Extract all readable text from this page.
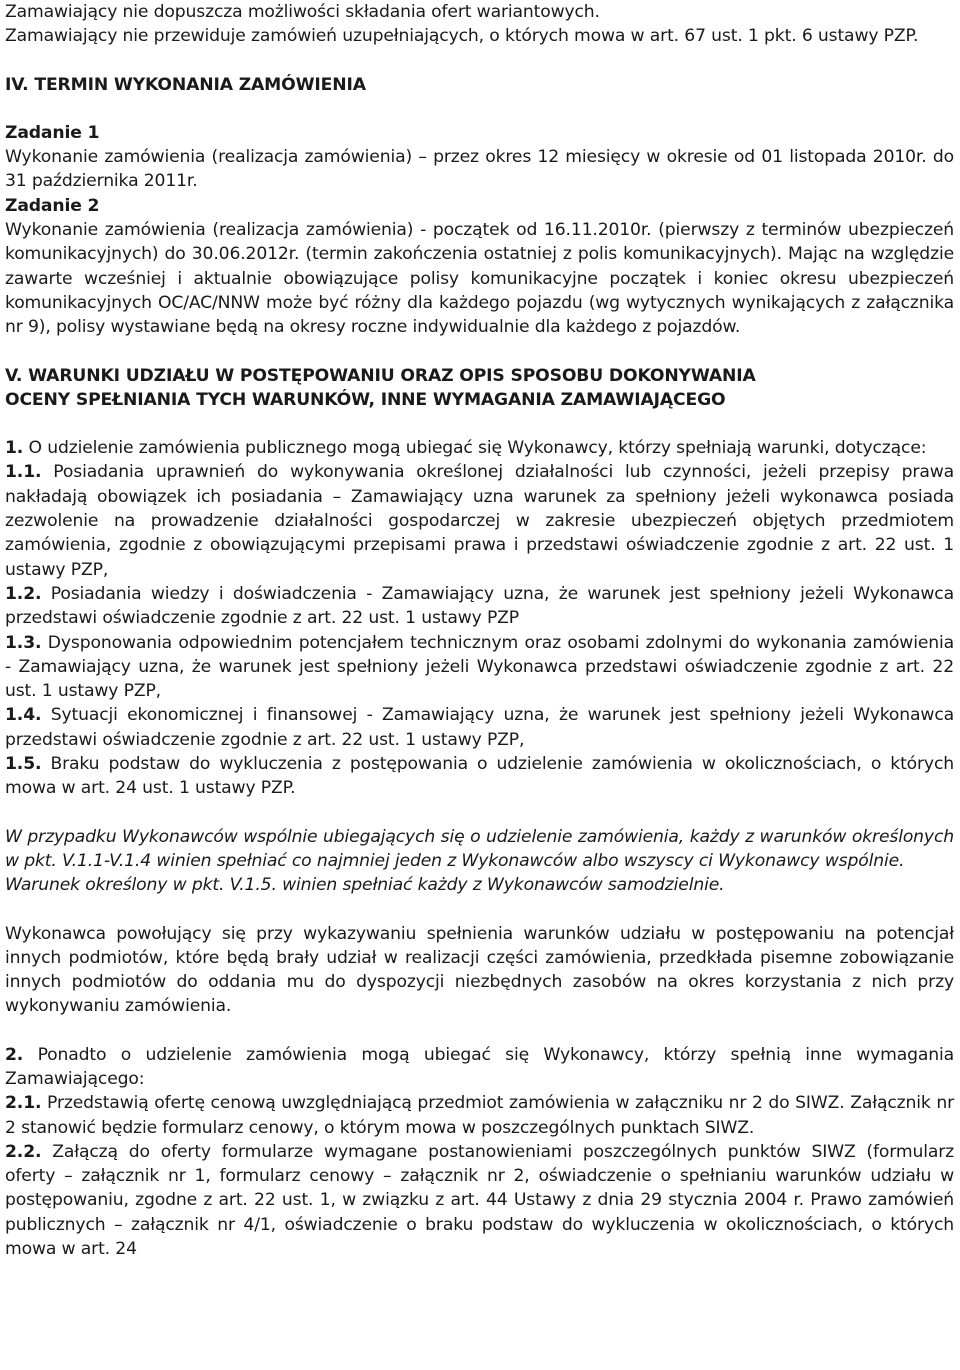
Zamawiający nie dopuszcza możliwości składania ofert wariantowych.

Zamawiający nie przewiduje zamówień uzupełniających, o których mowa w art. 67 ust. 1 pkt. 6 ustawy PZP.

IV. TERMIN WYKONANIA ZAMÓWIENIA

Zadanie 1

Wykonanie zamówienia (realizacja zamówienia) – przez okres 12 miesięcy w okresie od 01 listopada 2010r. do 31 października 2011r.

Zadanie 2

Wykonanie zamówienia (realizacja zamówienia) - początek od 16.11.2010r. (pierwszy z terminów ubezpieczeń komunikacyjnych) do 30.06.2012r. (termin zakończenia ostatniej z polis komunikacyjnych). Mając na względzie zawarte wcześniej i aktualnie obowiązujące polisy komunikacyjne początek i koniec okresu ubezpieczeń komunikacyjnych OC/AC/NNW może być różny dla każdego pojazdu (wg wytycznych wynikających z załącznika nr 9), polisy wystawiane będą na okresy roczne indywidualnie dla każdego z pojazdów.

V. WARUNKI UDZIAŁU W POSTĘPOWANIU ORAZ OPIS SPOSOBU DOKONYWANIA

OCENY SPEŁNIANIA TYCH WARUNKÓW, INNE WYMAGANIA ZAMAWIAJĄCEGO

1. O udzielenie zamówienia publicznego mogą ubiegać się Wykonawcy, którzy spełniają warunki, dotyczące:

1.1. Posiadania uprawnień do wykonywania określonej działalności lub czynności, jeżeli przepisy prawa nakładają obowiązek ich posiadania – Zamawiający uzna warunek za spełniony jeżeli wykonawca posiada zezwolenie na prowadzenie działalności gospodarczej w zakresie ubezpieczeń objętych przedmiotem zamówienia, zgodnie z obowiązującymi przepisami prawa i przedstawi oświadczenie zgodnie z art. 22 ust. 1 ustawy PZP,

1.2. Posiadania wiedzy i doświadczenia - Zamawiający uzna, że warunek jest spełniony jeżeli Wykonawca przedstawi oświadczenie zgodnie z art. 22 ust. 1 ustawy PZP

1.3. Dysponowania odpowiednim potencjałem technicznym oraz osobami zdolnymi do wykonania zamówienia - Zamawiający uzna, że warunek jest spełniony jeżeli Wykonawca przedstawi oświadczenie zgodnie z art. 22 ust. 1 ustawy PZP,

1.4. Sytuacji ekonomicznej i finansowej - Zamawiający uzna, że warunek jest spełniony jeżeli Wykonawca przedstawi oświadczenie zgodnie z art. 22 ust. 1 ustawy PZP,

1.5. Braku podstaw do wykluczenia z postępowania o udzielenie zamówienia w okolicznościach, o których mowa w art. 24 ust. 1 ustawy PZP.

W przypadku Wykonawców wspólnie ubiegających się o udzielenie zamówienia, każdy z warunków określonych w pkt. V.1.1-V.1.4 winien spełniać co najmniej jeden z Wykonawców albo wszyscy ci Wykonawcy wspólnie.

Warunek określony w pkt. V.1.5. winien spełniać każdy z Wykonawców samodzielnie.

Wykonawca powołujący się przy wykazywaniu spełnienia warunków udziału w postępowaniu na potencjał innych podmiotów, które będą brały udział w realizacji części zamówienia, przedkłada pisemne zobowiązanie innych podmiotów do oddania mu do dyspozycji niezbędnych zasobów na okres korzystania z nich przy wykonywaniu zamówienia.

2. Ponadto o udzielenie zamówienia mogą ubiegać się Wykonawcy, którzy spełnią inne wymagania Zamawiającego:

2.1. Przedstawią ofertę cenową uwzględniającą przedmiot zamówienia w załączniku nr 2 do SIWZ. Załącznik nr 2 stanowić będzie formularz cenowy, o którym mowa w poszczególnych punktach SIWZ.

2.2. Załączą do oferty formularze wymagane postanowieniami poszczególnych punktów SIWZ (formularz oferty – załącznik nr 1, formularz cenowy – załącznik nr 2, oświadczenie o spełnianiu warunków udziału w postępowaniu, zgodne z art. 22 ust. 1, w związku z art. 44 Ustawy z dnia 29 stycznia 2004 r. Prawo zamówień publicznych – załącznik nr 4/1, oświadczenie o braku podstaw do wykluczenia w okolicznościach, o których mowa w art. 24
